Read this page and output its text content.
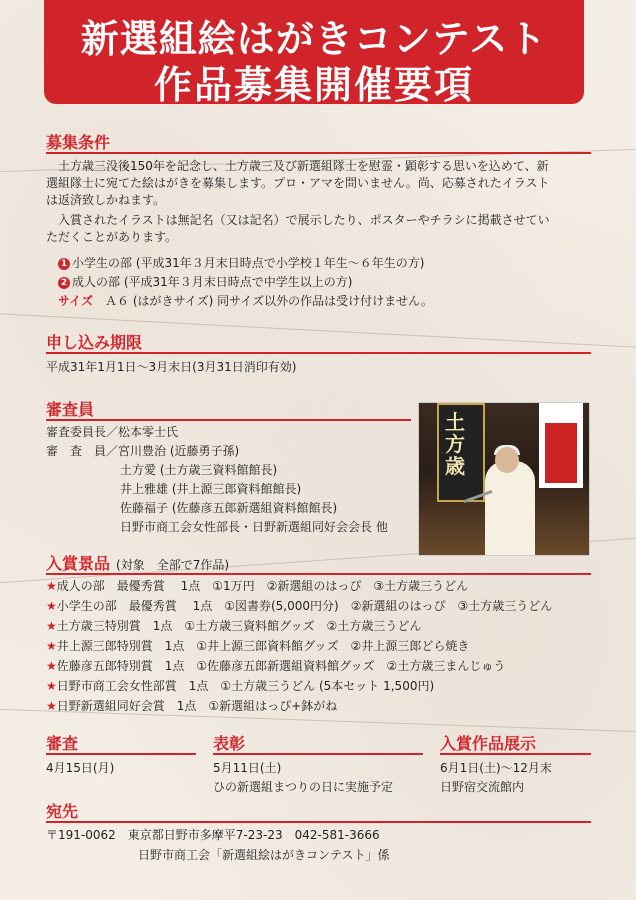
新選組絵はがきコンテスト
作品募集開催要項
募集条件
　土方歳三没後150年を記念し、土方歳三及び新選組隊士を慰霊・顕彰する思いを込めて、新
選組隊士に宛てた絵はがきを募集します。プロ・アマを問いません。尚、応募されたイラスト
は返済致しかねます。
　入賞されたイラストは無記名（又は記名）で展示したり、ポスターやチラシに掲載させてい
ただくことがあります。
1 小学生の部 (平成31年３月末日時点で小学校１年生～６年生の方)
2 成人の部 (平成31年３月末日時点で中学生以上の方)
サイズ　Ａ６ (はがきサイズ) 同サイズ以外の作品は受け付けません。
申し込み期限
平成31年1月1日～3月末日(3月31日消印有効)
審査員
審査委員長／松本零士氏
審　査　員／宮川豊治 (近藤勇子孫)
土方愛 (土方歳三資料館館長)
井上雅雄 (井上源三郎資料館館長)
佐藤福子 (佐藤彦五郎新選組資料館館長)
日野市商工会女性部長・日野新選組同好会会長 他
土方歳
入賞景品 (対象　全部で7作品)
★成人の部　最優秀賞　 1点　①1万円　②新選組のはっぴ　③土方歳三うどん
★小学生の部　最優秀賞　 1点　①図書券(5,000円分)　②新選組のはっぴ　③土方歳三うどん
★土方歳三特別賞　1点　①土方歳三資料館グッズ　②土方歳三うどん
★井上源三郎特別賞　1点　①井上源三郎資料館グッズ　②井上源三郎どら焼き
★佐藤彦五郎特別賞　1点　①佐藤彦五郎新選組資料館グッズ　②土方歳三まんじゅう
★日野市商工会女性部賞　1点　①土方歳三うどん (5本セット 1,500円)
★日野新選組同好会賞　1点　①新選組はっぴ+鉢がね
審査
4月15日(月)
表彰
5月11日(土)
ひの新選組まつりの日に実施予定
入賞作品展示
6月1日(土)～12月末
日野宿交流館内
宛先
〒191-0062　東京都日野市多摩平7-23-23　042-581-3666
日野市商工会「新選組絵はがきコンテスト」係
